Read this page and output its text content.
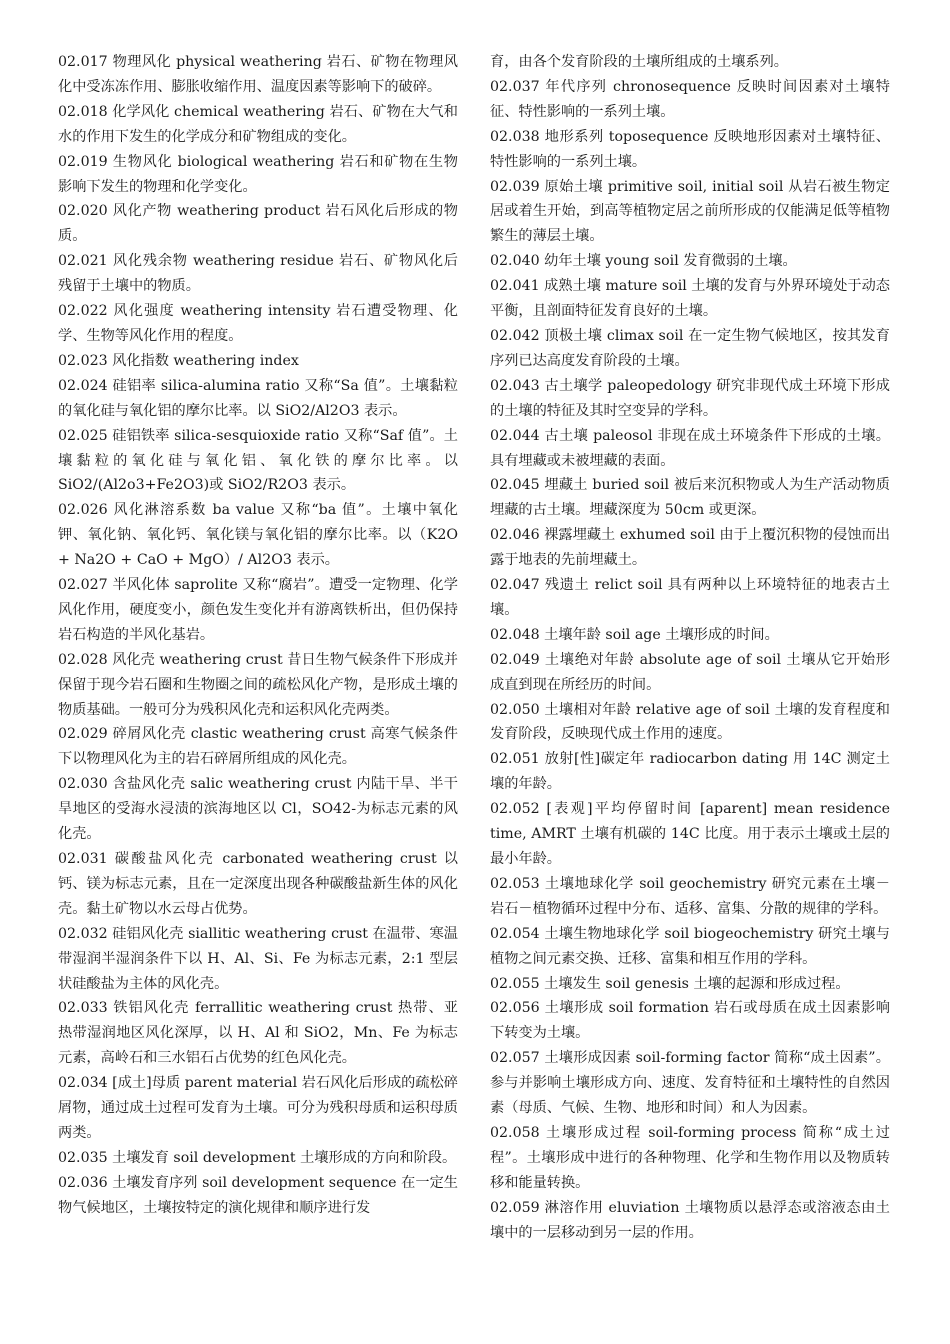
02.017 物理风化 physical weathering 岩石、矿物在物理风化中受冻冻作用、膨胀收缩作用、温度因素等影响下的破碎。

02.018 化学风化 chemical weathering 岩石、矿物在大气和水的作用下发生的化学成分和矿物组成的变化。

02.019 生物风化 biological weathering 岩石和矿物在生物影响下发生的物理和化学变化。

02.020 风化产物 weathering product 岩石风化后形成的物质。

02.021 风化残余物 weathering residue 岩石、矿物风化后残留于土壤中的物质。

02.022 风化强度 weathering intensity 岩石遭受物理、化学、生物等风化作用的程度。

02.023 风化指数 weathering index

02.024 硅铝率 silica-alumina ratio 又称“Sa 值”。土壤黏粒的氧化硅与氧化铝的摩尔比率。以 SiO2/Al2O3 表示。

02.025 硅铝铁率 silica-sesquioxide ratio 又称“Saf 值”。土壤黏粒的氧化硅与氧化铝、氧化铁的摩尔比率。以 SiO2/(Al2o3+Fe2O3)或 SiO2/R2O3 表示。

02.026 风化淋溶系数 ba value 又称“ba 值”。土壤中氧化钾、氧化钠、氧化钙、氧化镁与氧化铝的摩尔比率。以（K2O + Na2O + CaO + MgO）/ Al2O3 表示。

02.027 半风化体 saprolite 又称“腐岩”。遭受一定物理、化学风化作用，硬度变小，颜色发生变化并有游离铁析出，但仍保持岩石构造的半风化基岩。

02.028 风化壳 weathering crust 昔日生物气候条件下形成并保留于现今岩石圈和生物圈之间的疏松风化产物，是形成土壤的物质基础。一般可分为残积风化壳和运积风化壳两类。

02.029 碎屑风化壳 clastic weathering crust 高寒气候条件下以物理风化为主的岩石碎屑所组成的风化壳。

02.030 含盐风化壳 salic weathering crust 内陆干旱、半干旱地区的受海水浸渍的滨海地区以 Cl，SO42-为标志元素的风化壳。

02.031 碳酸盐风化壳 carbonated weathering crust 以钙、镁为标志元素，且在一定深度出现各种碳酸盐新生体的风化壳。黏土矿物以水云母占优势。

02.032 硅铝风化壳 siallitic weathering crust 在温带、寒温带湿润半湿润条件下以 H、Al、Si、Fe 为标志元素，2:1 型层状硅酸盐为主体的风化壳。

02.033 铁铝风化壳 ferrallitic weathering crust 热带、亚热带湿润地区风化深厚，以 H、Al 和 SiO2，Mn、Fe 为标志元素，高岭石和三水铝石占优势的红色风化壳。

02.034 [成土]母质 parent material 岩石风化后形成的疏松碎屑物，通过成土过程可发育为土壤。可分为残积母质和运积母质两类。

02.035 土壤发育 soil development 土壤形成的方向和阶段。

02.036 土壤发育序列 soil development sequence 在一定生物气候地区，土壤按特定的演化规律和顺序进行发

育，由各个发育阶段的土壤所组成的土壤系列。

02.037 年代序列 chronosequence 反映时间因素对土壤特征、特性影响的一系列土壤。

02.038 地形系列 toposequence 反映地形因素对土壤特征、特性影响的一系列土壤。

02.039 原始土壤 primitive soil, initial soil 从岩石被生物定居或着生开始，到高等植物定居之前所形成的仅能满足低等植物繁生的薄层土壤。

02.040 幼年土壤 young soil 发育微弱的土壤。

02.041 成熟土壤 mature soil 土壤的发育与外界环境处于动态平衡，且剖面特征发育良好的土壤。

02.042 顶极土壤 climax soil 在一定生物气候地区，按其发育序列已达高度发育阶段的土壤。

02.043 古土壤学 paleopedology 研究非现代成土环境下形成的土壤的特征及其时空变异的学科。

02.044 古土壤 paleosol 非现在成土环境条件下形成的土壤。具有埋藏或未被埋藏的表面。

02.045 埋藏土 buried soil 被后来沉积物或人为生产活动物质埋藏的古土壤。埋藏深度为 50cm 或更深。

02.046 裸露埋藏土 exhumed soil 由于上覆沉积物的侵蚀而出露于地表的先前埋藏土。

02.047 残遗土 relict soil 具有两种以上环境特征的地表古土壤。

02.048 土壤年龄 soil age 土壤形成的时间。

02.049 土壤绝对年龄 absolute age of soil 土壤从它开始形成直到现在所经历的时间。

02.050 土壤相对年龄 relative age of soil 土壤的发育程度和发育阶段，反映现代成土作用的速度。

02.051 放射[性]碳定年 radiocarbon dating 用 14C 测定土壤的年龄。

02.052 [表观]平均停留时间 [aparent] mean residence time, AMRT 土壤有机碳的 14C 比度。用于表示土壤或土层的最小年龄。

02.053 土壤地球化学 soil geochemistry 研究元素在土壤－岩石－植物循环过程中分布、适移、富集、分散的规律的学科。

02.054 土壤生物地球化学 soil biogeochemistry 研究土壤与植物之间元素交换、迁移、富集和相互作用的学科。

02.055 土壤发生 soil genesis 土壤的起源和形成过程。

02.056 土壤形成 soil formation 岩石或母质在成土因素影响下转变为土壤。

02.057 土壤形成因素 soil-forming factor 简称“成土因素”。参与并影响土壤形成方向、速度、发育特征和土壤特性的自然因素（母质、气候、生物、地形和时间）和人为因素。

02.058 土壤形成过程 soil-forming process 简称“成土过程”。土壤形成中进行的各种物理、化学和生物作用以及物质转移和能量转换。

02.059 淋溶作用 eluviation 土壤物质以悬浮态或溶液态由土壤中的一层移动到另一层的作用。
